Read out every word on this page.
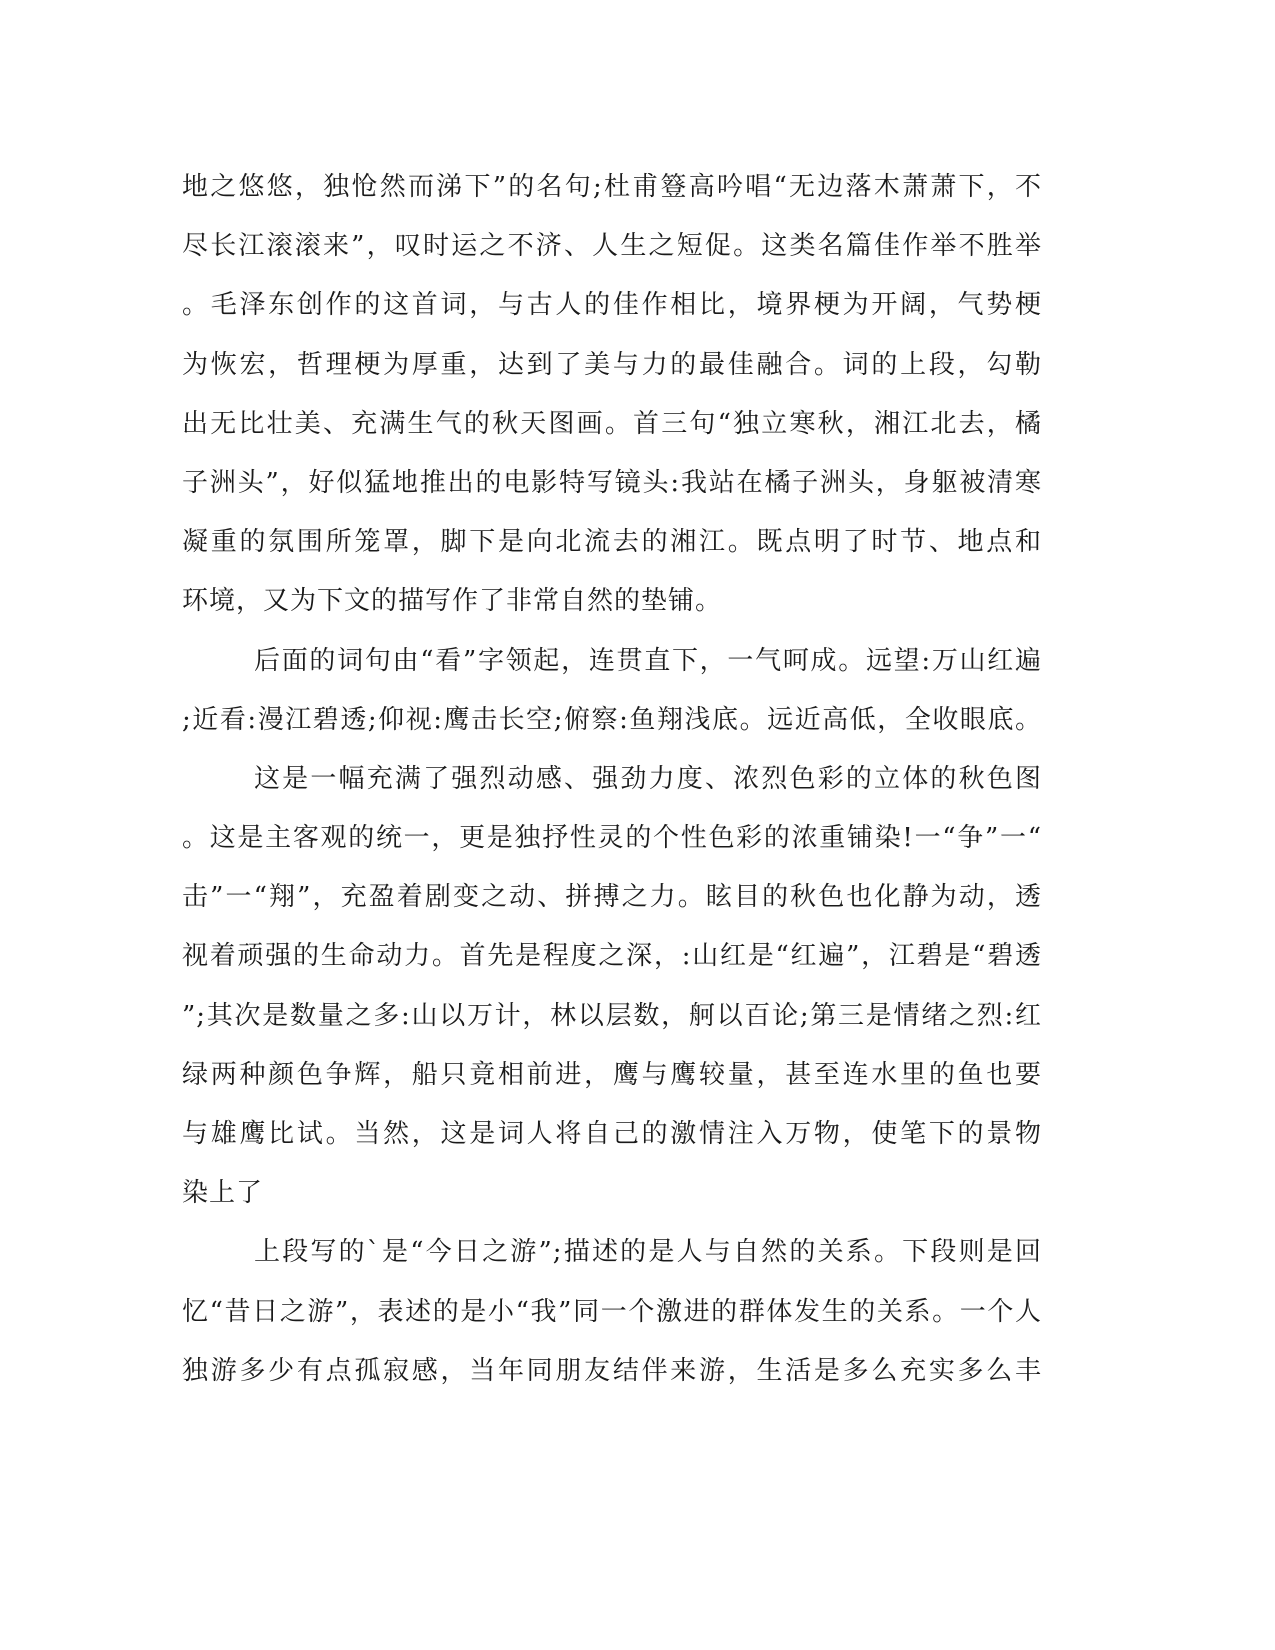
地之悠悠，独怆然而涕下”的名句;杜甫簦高吟唱“无边落木萧萧下，不
尽长江滚滚来”，叹时运之不济、人生之短促。这类名篇佳作举不胜举
。毛泽东创作的这首词，与古人的佳作相比，境界梗为开阔，气势梗
为恢宏，哲理梗为厚重，达到了美与力的最佳融合。词的上段，勾勒
出无比壮美、充满生气的秋天图画。首三句“独立寒秋，湘江北去，橘
子洲头”，好似猛地推出的电影特写镜头:我站在橘子洲头，身躯被清寒
凝重的氛围所笼罩，脚下是向北流去的湘江。既点明了时节、地点和
环境，又为下文的描写作了非常自然的垫铺。
后面的词句由“看”字领起，连贯直下，一气呵成。远望:万山红遍
;近看:漫江碧透;仰视:鹰击长空;俯察:鱼翔浅底。远近高低，全收眼底。
这是一幅充满了强烈动感、强劲力度、浓烈色彩的立体的秋色图
。这是主客观的统一，更是独抒性灵的个性色彩的浓重铺染!一“争”一“
击”一“翔”，充盈着剧变之动、拼搏之力。眩目的秋色也化静为动，透
视着顽强的生命动力。首先是程度之深，:山红是“红遍”，江碧是“碧透
”;其次是数量之多:山以万计，林以层数，舸以百论;第三是情绪之烈:红
绿两种颜色争辉，船只竟相前进，鹰与鹰较量，甚至连水里的鱼也要
与雄鹰比试。当然，这是词人将自己的激情注入万物，使笔下的景物
染上了
上段写的`是“今日之游”;描述的是人与自然的关系。下段则是回
忆“昔日之游”，表述的是小“我”同一个激进的群体发生的关系。一个人
独游多少有点孤寂感，当年同朋友结伴来游，生活是多么充实多么丰
